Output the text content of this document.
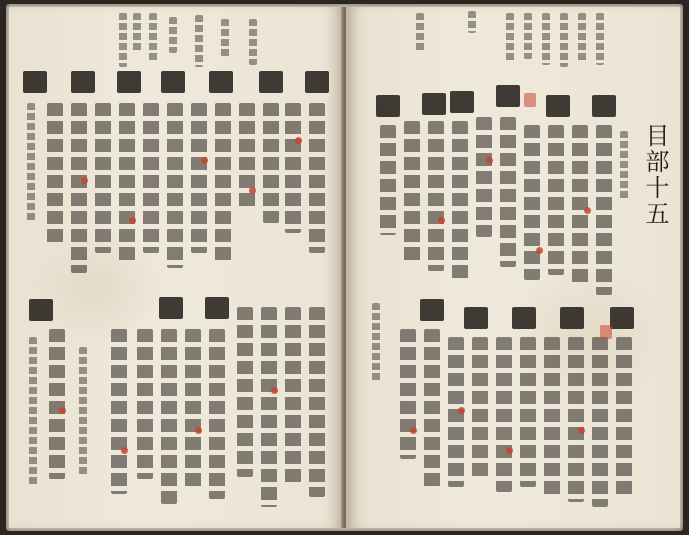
目部十五
